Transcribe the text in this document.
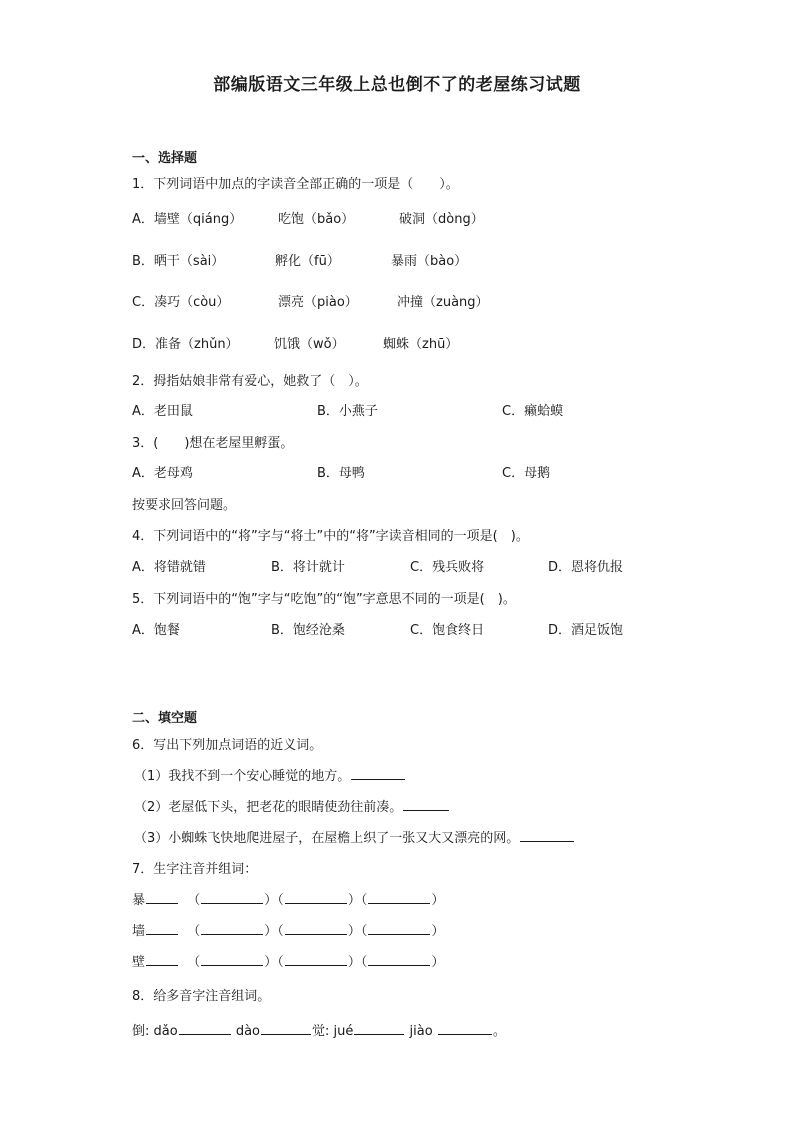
部编版语文三年级上总也倒不了的老屋练习试题
一、选择题
1．下列词语中加点的字读音全部正确的一项是（　　）。
A．墙壁（qiáng）	吃饱（bǎo）	破洞（dòng）
B．晒干（sài）	孵化（fū）	暴雨（bào）
C．凑巧（còu）	漂亮（piào）	冲撞（zuàng）
D．准备（zhǔn）	饥饿（wǒ）	蜘蛛（zhū）
2．拇指姑娘非常有爱心，她救了（　）。
A．老田鼠	B．小燕子	C．癞蛤蟆
3．(　　)想在老屋里孵蛋。
A．老母鸡	B．母鸭	C．母鹅
按要求回答问题。
4．下列词语中的“将”字与“将士”中的“将”字读音相同的一项是(　)。
A．将错就错	B．将计就计	C．残兵败将	D．恩将仇报
5．下列词语中的“饱”字与“吃饱”的“饱”字意思不同的一项是(　)。
A．饱餐	B．饱经沧桑	C．饱食终日	D．酒足饭饱
二、填空题
6．写出下列加点词语的近义词。
（1）我找不到一个安心睡觉的地方。
（2）老屋低下头，把老花的眼睛使劲往前凑。
（3）小蜘蛛飞快地爬进屋子，在屋檐上织了一张又大又漂亮的网。
7．生字注音并组词：
暴	（	）（	）（	）
墙	（	）（	）（	）
壁	（	）（	）（	）
8．给多音字注音组词。
倒: dǎo	dào	觉: jué	jiào	。
